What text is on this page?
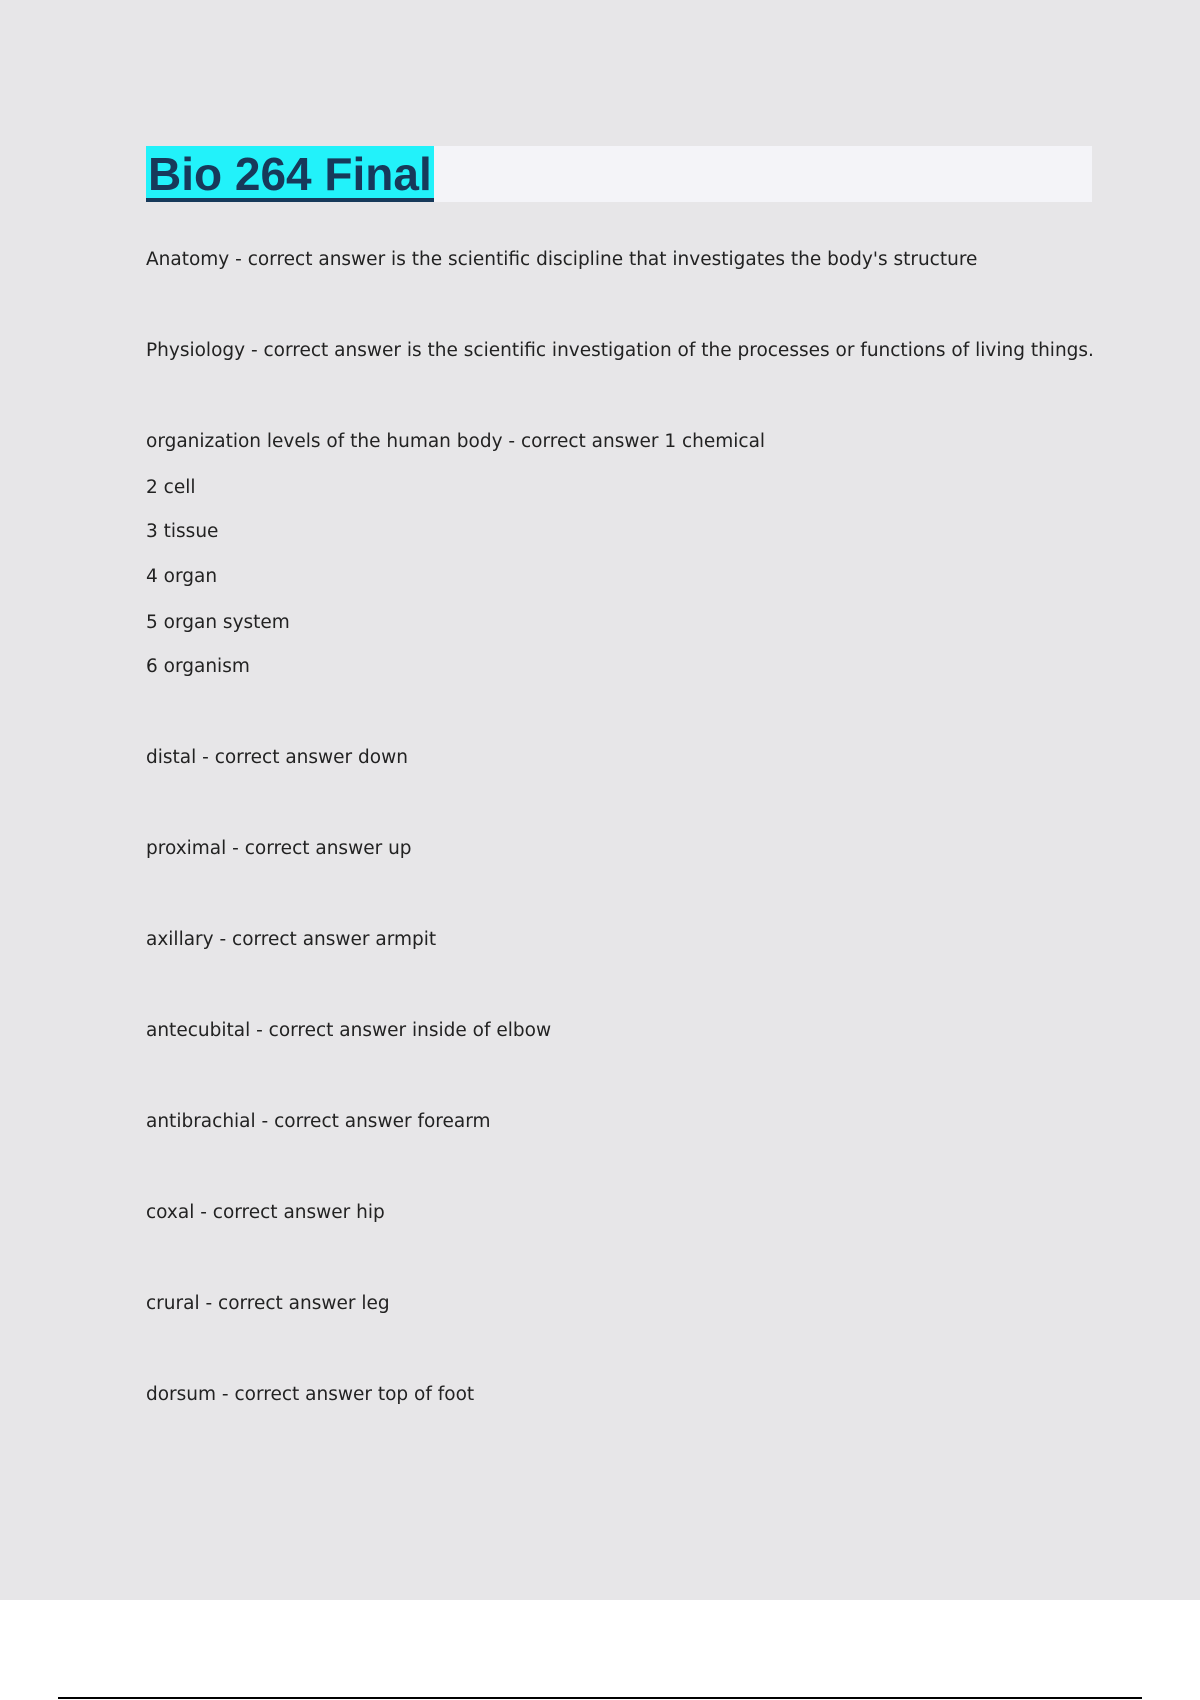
Bio 264 Final
Anatomy - correct answer is the scientific discipline that investigates the body's structure
Physiology - correct answer is the scientific investigation of the processes or functions of living things.
organization levels of the human body - correct answer 1 chemical
2 cell
3 tissue
4 organ
5 organ system
6 organism
distal - correct answer down
proximal - correct answer up
axillary - correct answer armpit
antecubital - correct answer inside of elbow
antibrachial - correct answer forearm
coxal - correct answer hip
crural - correct answer leg
dorsum - correct answer top of foot
